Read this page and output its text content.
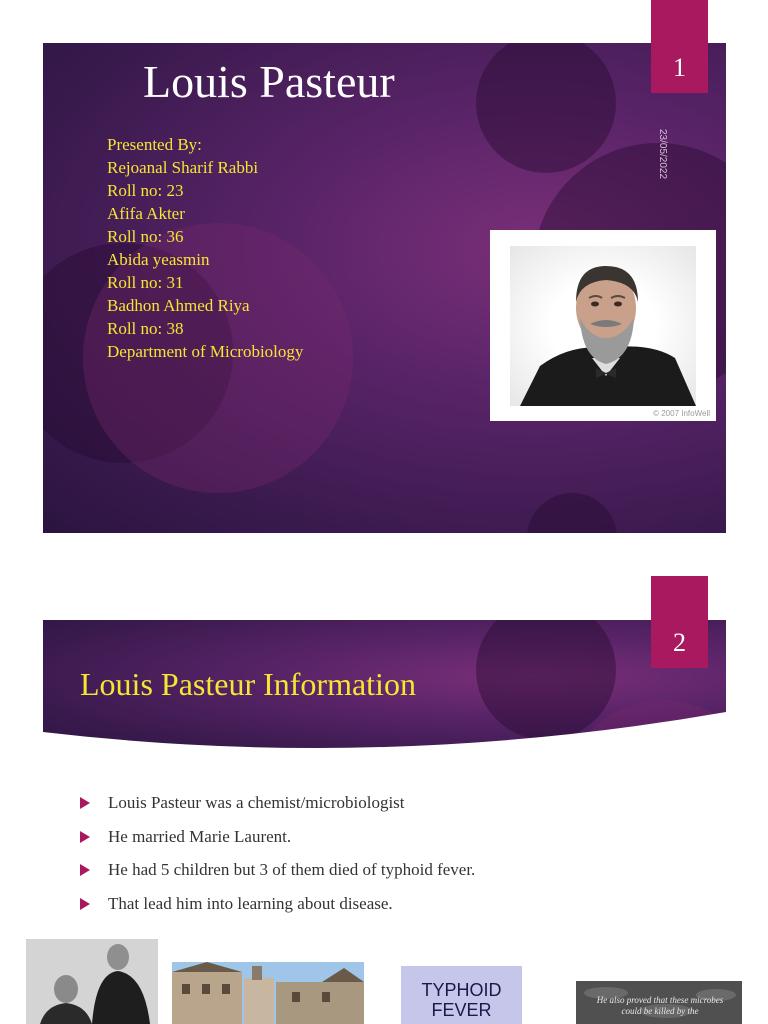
Louis Pasteur
Presented By:
Rejoanal Sharif Rabbi
Roll no: 23
Afifa Akter
Roll no: 36
Abida yeasmin
Roll no: 31
Badhon Ahmed Riya
Roll no: 38
Department of Microbiology
23/05/2022
© 2007 InfoWell
1
Louis Pasteur Information
2
Louis Pasteur was a chemist/microbiologist
He married Marie Laurent.
He had 5 children but 3 of them died of typhoid fever.
That lead him into learning about disease.
TYPHOID
FEVER	He also proved that these microbes could be killed by the
